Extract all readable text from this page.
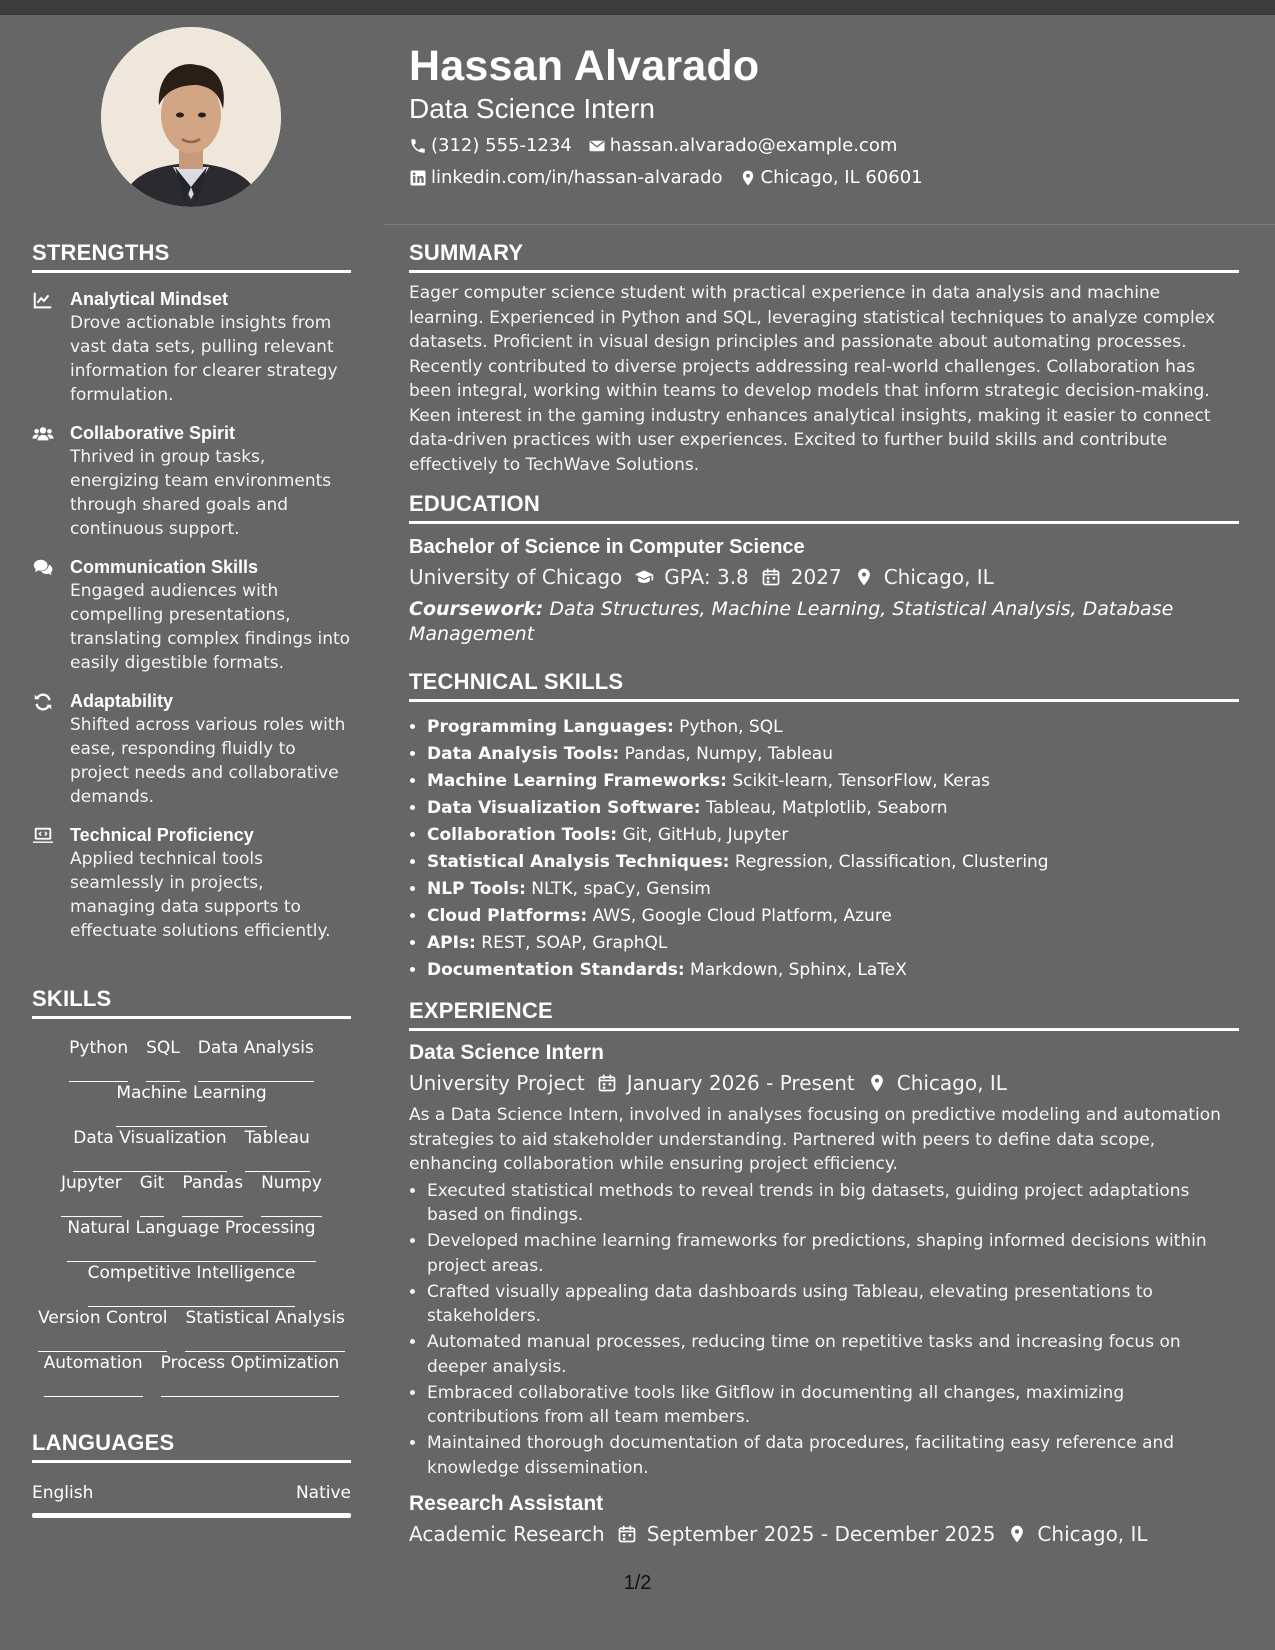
Hassan Alvarado
Data Science Intern
(312) 555-1234 hassan.alvarado@example.com
linkedin.com/in/hassan-alvarado Chicago, IL 60601
STRENGTHS
Analytical Mindset
Drove actionable insights from vast data sets, pulling relevant information for clearer strategy formulation.
Collaborative Spirit
Thrived in group tasks, energizing team environments through shared goals and continuous support.
Communication Skills
Engaged audiences with compelling presentations, translating complex findings into easily digestible formats.
Adaptability
Shifted across various roles with ease, responding fluidly to project needs and collaborative demands.
Technical Proficiency
Applied technical tools seamlessly in projects, managing data supports to effectuate solutions efficiently.
SKILLS
Python SQL Data Analysis
Machine Learning
Data Visualization Tableau
Jupyter Git Pandas Numpy
Natural Language Processing
Competitive Intelligence
Version Control Statistical Analysis
Automation Process Optimization
LANGUAGES
English	Native
SUMMARY

Eager computer science student with practical experience in data analysis and machine learning. Experienced in Python and SQL, leveraging statistical techniques to analyze complex datasets. Proficient in visual design principles and passionate about automating processes. Recently contributed to diverse projects addressing real-world challenges. Collaboration has been integral, working within teams to develop models that inform strategic decision-making. Keen interest in the gaming industry enhances analytical insights, making it easier to connect data-driven practices with user experiences. Excited to further build skills and contribute effectively to TechWave Solutions.

EDUCATION
Bachelor of Science in Computer Science
University of Chicago GPA: 3.8 2027 Chicago, IL
Coursework: Data Structures, Machine Learning, Statistical Analysis, Database Management
TECHNICAL SKILLS
• Programming Languages: Python, SQL
• Data Analysis Tools: Pandas, Numpy, Tableau
• Machine Learning Frameworks: Scikit-learn, TensorFlow, Keras
• Data Visualization Software: Tableau, Matplotlib, Seaborn
• Collaboration Tools: Git, GitHub, Jupyter
• Statistical Analysis Techniques: Regression, Classification, Clustering
• NLP Tools: NLTK, spaCy, Gensim
• Cloud Platforms: AWS, Google Cloud Platform, Azure
• APIs: REST, SOAP, GraphQL
• Documentation Standards: Markdown, Sphinx, LaTeX
EXPERIENCE
Data Science Intern
University Project January 2026 - Present Chicago, IL

As a Data Science Intern, involved in analyses focusing on predictive modeling and automation strategies to aid stakeholder understanding. Partnered with peers to define data scope, enhancing collaboration while ensuring project efficiency.

• Executed statistical methods to reveal trends in big datasets, guiding project adaptations based on findings.
• Developed machine learning frameworks for predictions, shaping informed decisions within project areas.
• Crafted visually appealing data dashboards using Tableau, elevating presentations to stakeholders.
• Automated manual processes, reducing time on repetitive tasks and increasing focus on deeper analysis.
• Embraced collaborative tools like Gitflow in documenting all changes, maximizing contributions from all team members.
• Maintained thorough documentation of data procedures, facilitating easy reference and knowledge dissemination.
Research Assistant
Academic Research September 2025 - December 2025 Chicago, IL
1/2
